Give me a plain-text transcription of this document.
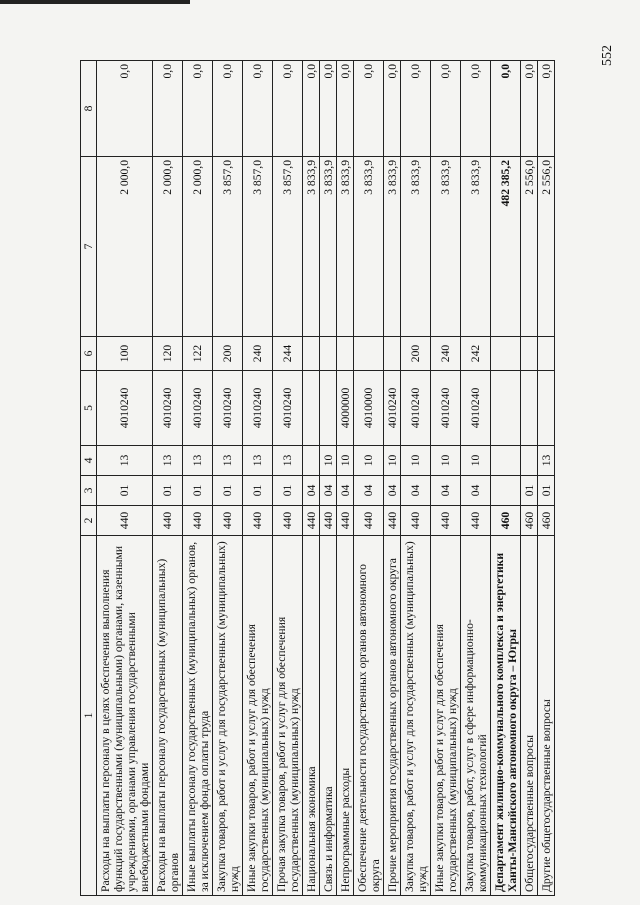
552
1	2	3	4	5	6	7	8
Расходы на выплаты персоналу в целях обеспечения выполнения функций государственными (муниципальными) органами, казенными учреждениями, органами управления государственными внебюджетными фондами	440	01	13	4010240	100	2 000,0	0,0
Расходы на выплаты персоналу государственных (муниципальных) органов	440	01	13	4010240	120	2 000,0	0,0
Иные выплаты персоналу государственных (муниципальных) органов, за исключением фонда оплаты труда	440	01	13	4010240	122	2 000,0	0,0
Закупка товаров, работ и услуг для государственных (муниципальных) нужд	440	01	13	4010240	200	3 857,0	0,0
Иные закупки товаров, работ и услуг для обеспечения государственных (муниципальных) нужд	440	01	13	4010240	240	3 857,0	0,0
Прочая закупка товаров, работ и услуг для обеспечения государственных (муниципальных) нужд	440	01	13	4010240	244	3 857,0	0,0
Национальная экономика	440	04				3 833,9	0,0
Связь и информатика	440	04	10			3 833,9	0,0
Непрограммные расходы	440	04	10	4000000		3 833,9	0,0
Обеспечение деятельности государственных органов автономного округа	440	04	10	4010000		3 833,9	0,0
Прочие мероприятия государственных органов автономного округа	440	04	10	4010240		3 833,9	0,0
Закупка товаров, работ и услуг для государственных (муниципальных) нужд	440	04	10	4010240	200	3 833,9	0,0
Иные закупки товаров, работ и услуг для обеспечения государственных (муниципальных) нужд	440	04	10	4010240	240	3 833,9	0,0
Закупка товаров, работ, услуг в сфере информационно-коммуникационных технологий	440	04	10	4010240	242	3 833,9	0,0
Департамент жилищно-коммунального комплекса и энергетики Ханты-Мансийского автономного округа – Югры	460					482 385,2	0,0
Общегосударственные вопросы	460	01				2 556,0	0,0
Другие общегосударственные вопросы	460	01	13			2 556,0	0,0
